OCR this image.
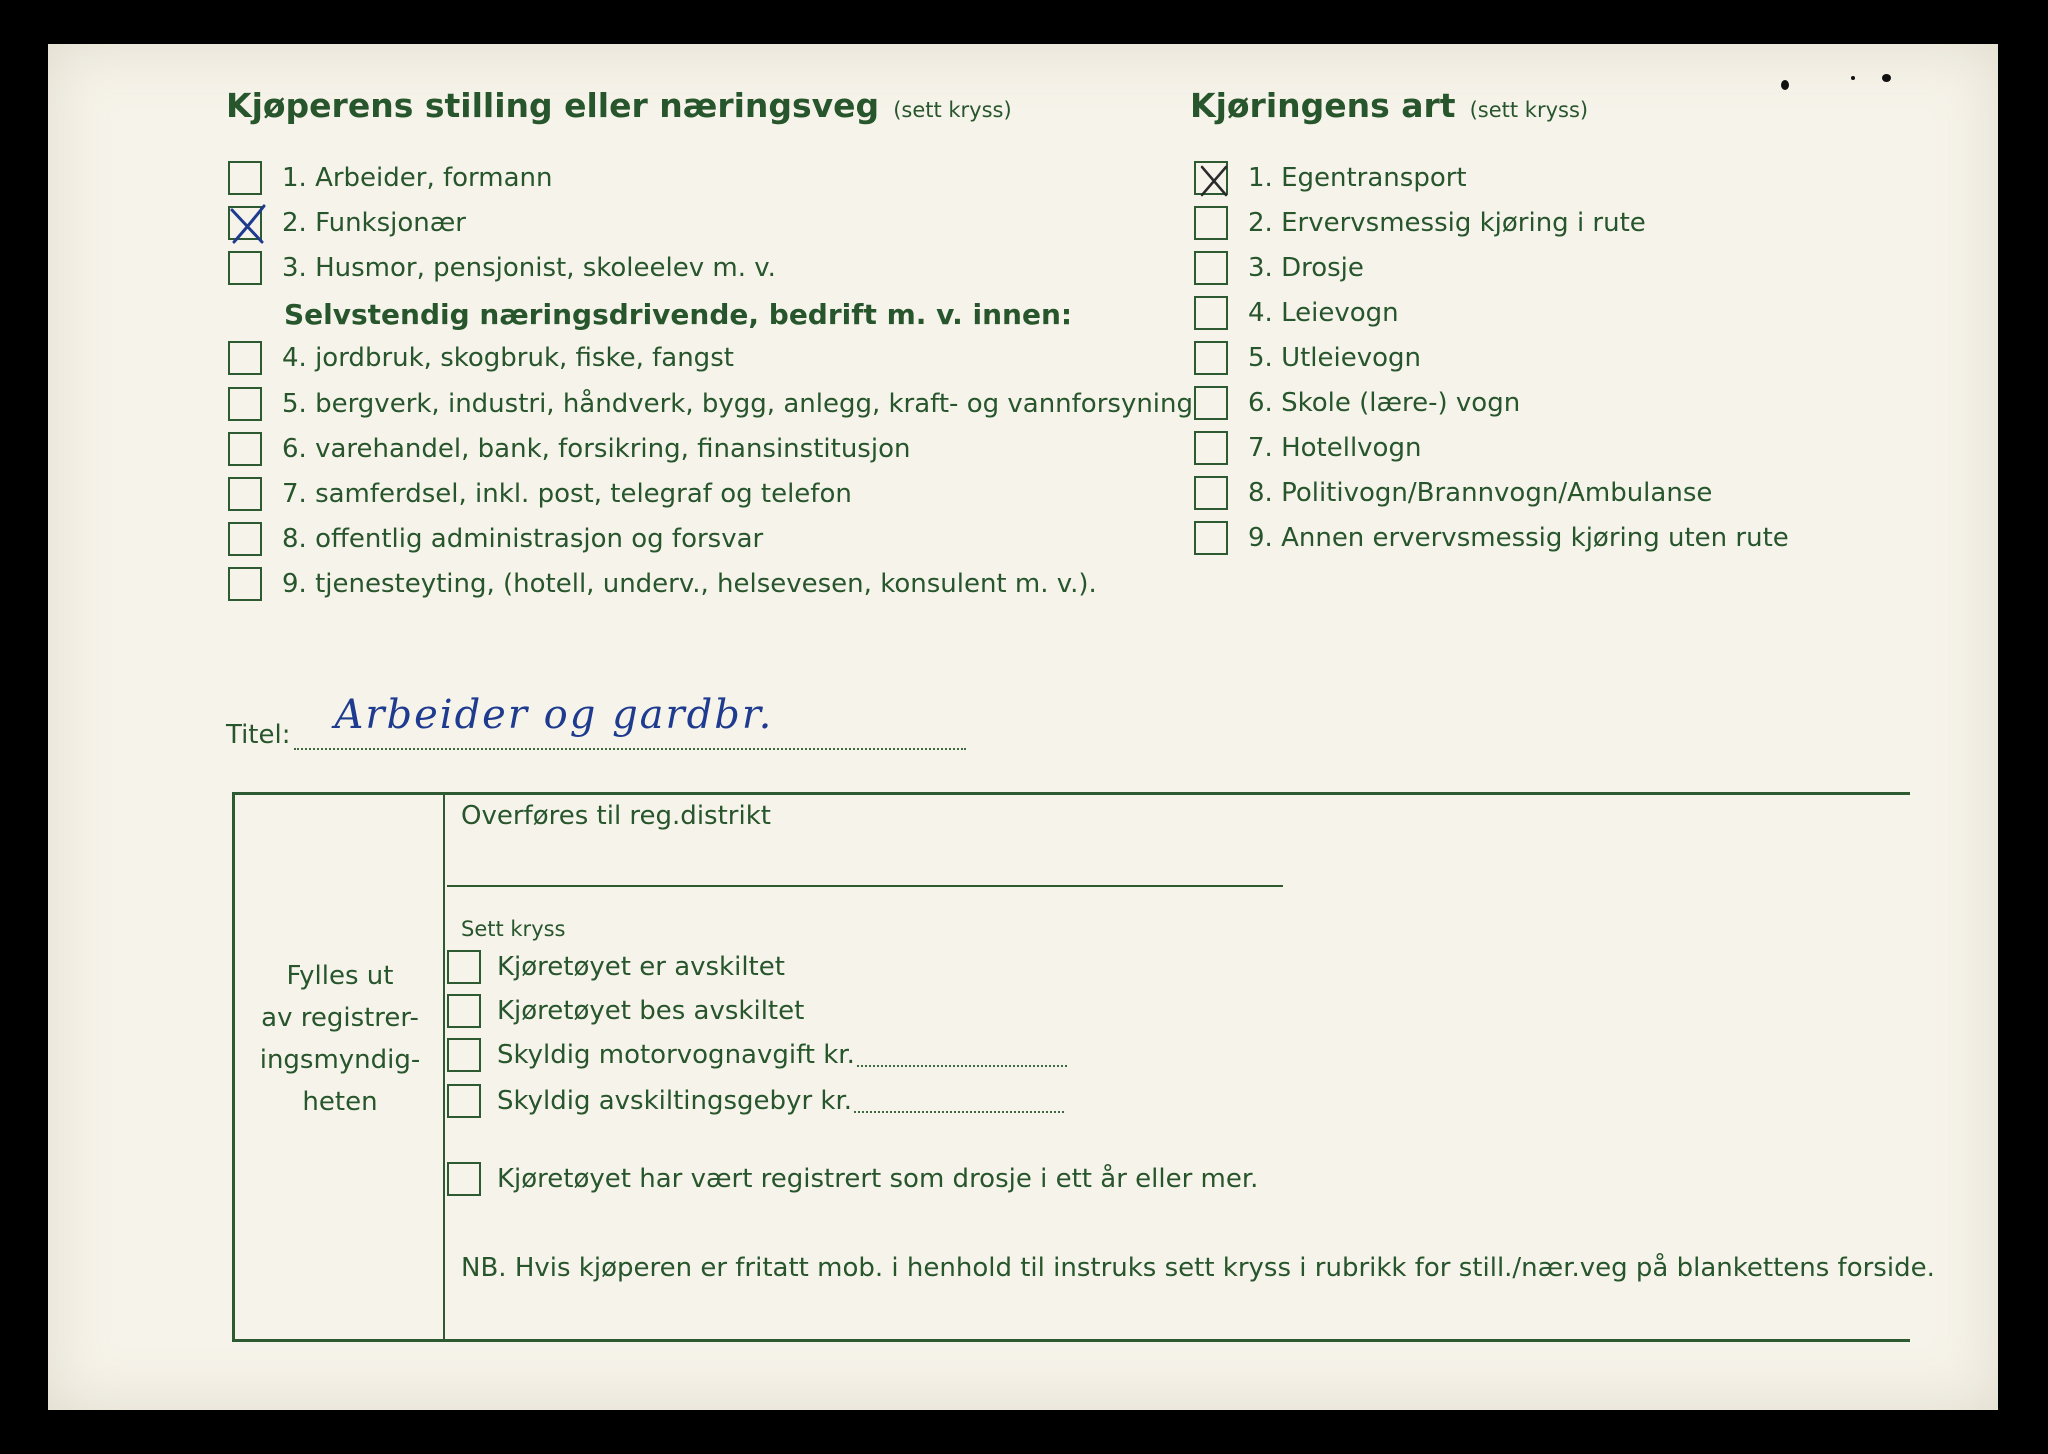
Kjøperens stilling eller næringsveg (sett kryss)
1. Arbeider, formann
2. Funksjonær
3. Husmor, pensjonist, skoleelev m. v.
Selvstendig næringsdrivende, bedrift m. v. innen:
4. jordbruk, skogbruk, fiske, fangst
5. bergverk, industri, håndverk, bygg, anlegg, kraft- og vannforsyning
6. varehandel, bank, forsikring, finansinstitusjon
7. samferdsel, inkl. post, telegraf og telefon
8. offentlig administrasjon og forsvar
9. tjenesteyting, (hotell, underv., helsevesen, konsulent m. v.).
Kjøringens art (sett kryss)
1. Egentransport
2. Ervervsmessig kjøring i rute
3. Drosje
4. Leievogn
5. Utleievogn
6. Skole (lære-) vogn
7. Hotellvogn
8. Politivogn/Brannvogn/Ambulanse
9. Annen ervervsmessig kjøring uten rute
Titel: Arbeider og gardbr.
Fylles ut
av registrer-
ingsmyndig-
heten
Overføres til reg.distrikt
Sett kryss
Kjøretøyet er avskiltet
Kjøretøyet bes avskiltet
Skyldig motorvognavgift kr.
Skyldig avskiltingsgebyr kr.
Kjøretøyet har vært registrert som drosje i ett år eller mer.
NB. Hvis kjøperen er fritatt mob. i henhold til instruks sett kryss i rubrikk for still./nær.veg på blankettens forside.
